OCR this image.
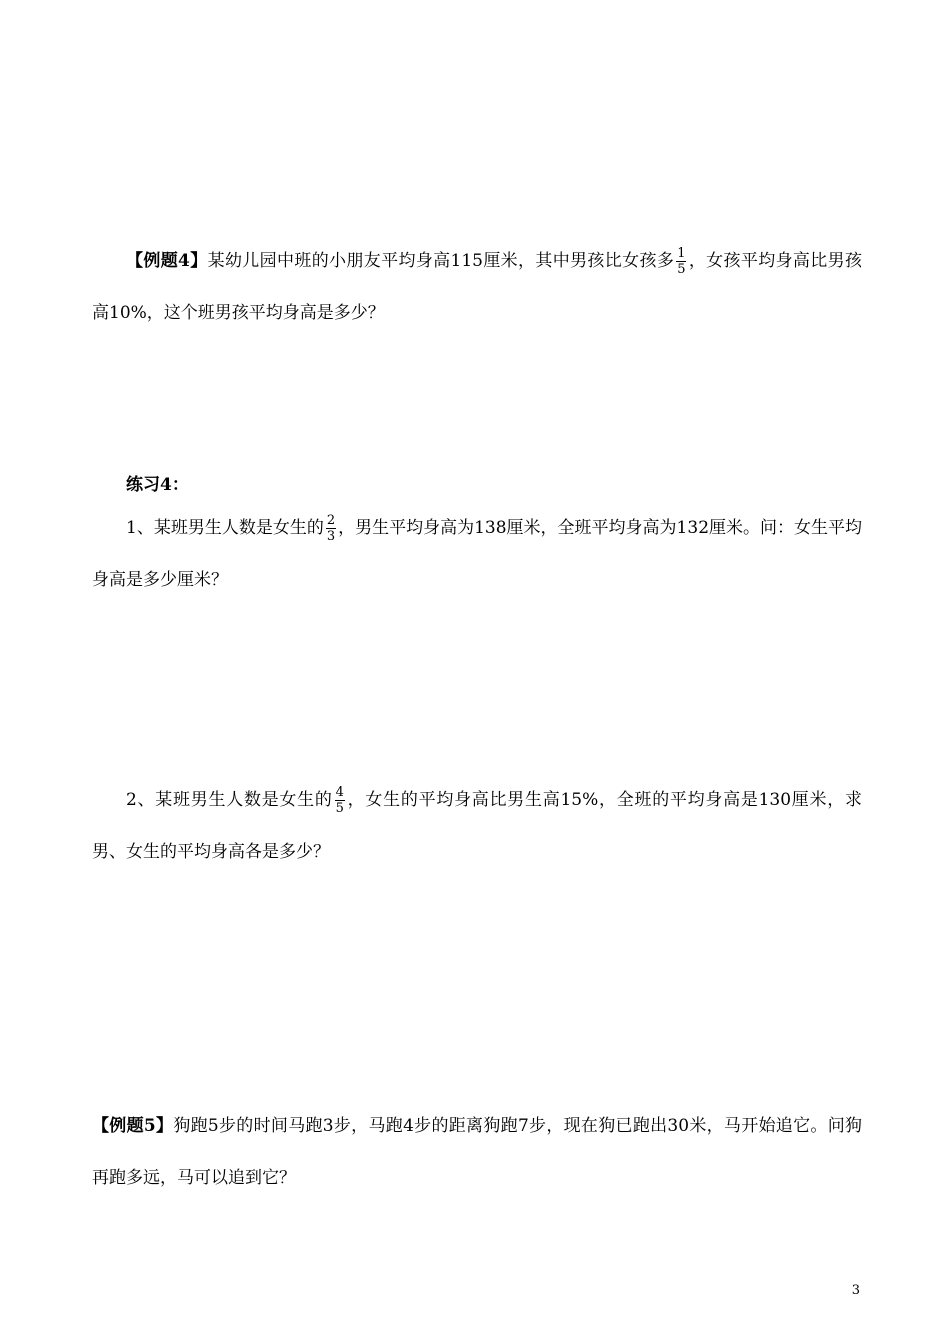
【例题4】某幼儿园中班的小朋友平均身高115厘米，其中男孩比女孩多 $\frac{1}{5}$ ，女孩平均身高比男孩高10%，这个班男孩平均身高是多少？

练习4：

1、某班男生人数是女生的 $\frac{2}{3}$ ，男生平均身高为138厘米，全班平均身高为132厘米。问：女生平均身高是多少厘米？

2、某班男生人数是女生的 $\frac{4}{5}$ ，女生的平均身高比男生高15%，全班的平均身高是130厘米，求男、女生的平均身高各是多少？

【例题5】狗跑5步的时间马跑3步，马跑4步的距离狗跑7步，现在狗已跑出30米，马开始追它。问狗再跑多远，马可以追到它？

3
